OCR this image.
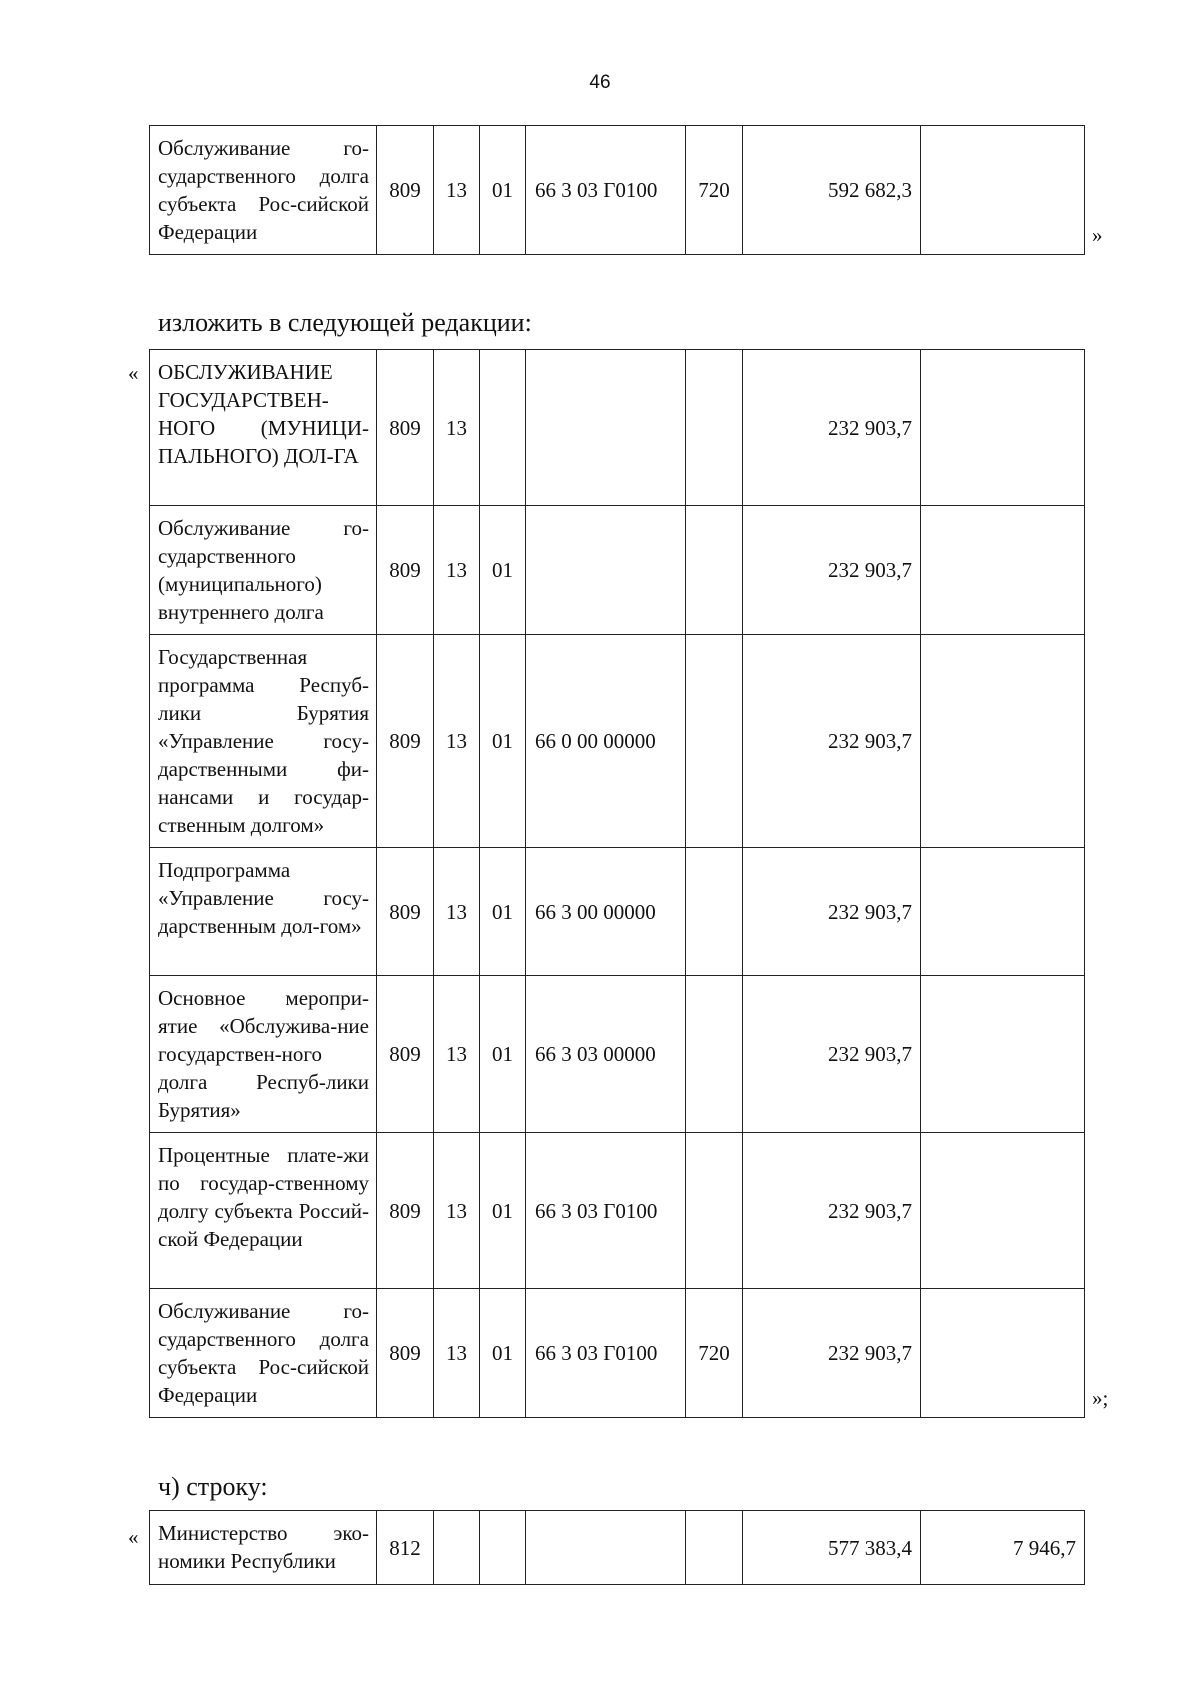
46
Обслуживание го-сударственного долга субъекта Рос-сийской Федерации	809	13	01	66 3 03 Г0100	720	592 682,3	
»
изложить в следующей редакции:
« ОБСЛУЖИВАНИЕ ГОСУДАРСТВЕН-НОГО (МУНИЦИ-ПАЛЬНОГО) ДОЛ-ГА	809	13				232 903,7	
Обслуживание го-сударственного (муниципального) внутреннего долга	809	13	01			232 903,7	
Государственная программа Респуб-лики Бурятия «Управление госу-дарственными фи-нансами и государ-ственным долгом»	809	13	01	66 0 00 00000		232 903,7	
Подпрограмма «Управление госу-дарственным дол-гом»	809	13	01	66 3 00 00000		232 903,7	
Основное меропри-ятие «Обслужива-ние государствен-ного долга Респуб-лики Бурятия»	809	13	01	66 3 03 00000		232 903,7	
Процентные плате-жи по государ-ственному долгу субъекта Россий-ской Федерации	809	13	01	66 3 03 Г0100		232 903,7	
Обслуживание го-сударственного долга субъекта Рос-сийской Федерации	809	13	01	66 3 03 Г0100	720	232 903,7	
»;
ч) строку:
« Министерство эко-номики Республики	812					577 383,4	7 946,7
